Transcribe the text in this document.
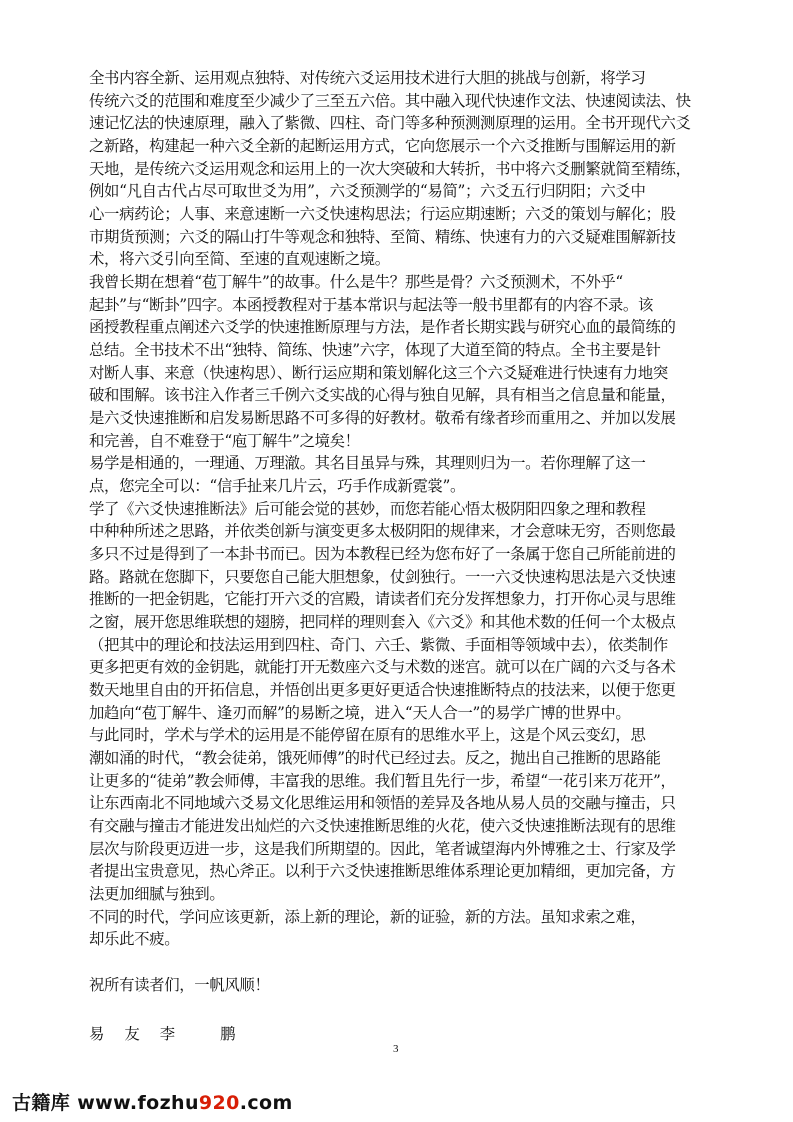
全书内容全新、运用观点独特、对传统六爻运用技术进行大胆的挑战与创新，将学习
传统六爻的范围和难度至少减少了三至五六倍。其中融入现代快速作文法、快速阅读法、快
速记忆法的快速原理，融入了紫微、四柱、奇门等多种预测测原理的运用。全书开现代六爻
之新路，构建起一种六爻全新的起断运用方式，它向您展示一个六爻推断与围解运用的新
天地，是传统六爻运用观念和运用上的一次大突破和大转折，书中将六爻删繁就简至精练，
例如“凡自古代占尽可取世爻为用”，六爻预测学的“易简”；六爻五行归阴阳；六爻中
心一病药论；人事、来意速断一六爻快速构思法；行运应期速断；六爻的策划与解化；股
市期货预测；六爻的隔山打牛等观念和独特、至简、精练、快速有力的六爻疑难围解新技
术，将六爻引向至简、至速的直观速断之境。
我曾长期在想着“苞丁解牛”的故事。什么是牛？那些是骨？六爻预测术，不外乎“
起卦”与“断卦”四字。本函授教程对于基本常识与起法等一般书里都有的内容不录。该
函授教程重点阐述六爻学的快速推断原理与方法，是作者长期实践与研究心血的最简练的
总结。全书技术不出“独特、简练、快速”六字，体现了大道至简的特点。全书主要是针
对断人事、来意（快速构思）、断行运应期和策划解化这三个六爻疑难进行快速有力地突
破和围解。该书注入作者三千例六爻实战的心得与独自见解，具有相当之信息量和能量，
是六爻快速推断和启发易断思路不可多得的好教材。敬希有缘者珍而重用之、并加以发展
和完善，自不难登于“庖丁解牛”之境矣！
易学是相通的，一理通、万理澈。其名目虽异与殊，其理则归为一。若你理解了这一
点，您完全可以：“信手扯来几片云，巧手作成新霓裳”。
学了《六爻快速推断法》后可能会觉的甚妙，而您若能心悟太极阴阳四象之理和教程
中种种所述之思路，并依类创新与演变更多太极阴阳的规律来，才会意味无穷，否则您最
多只不过是得到了一本卦书而已。因为本教程已经为您布好了一条属于您自己所能前进的
路。路就在您脚下，只要您自己能大胆想象，仗剑独行。一一六爻快速构思法是六爻快速
推断的一把金钥匙，它能打开六爻的宫殿，请读者们充分发挥想象力，打开你心灵与思维
之窗，展开您思维联想的翅膀，把同样的理则套入《六爻》和其他术数的任何一个太极点
（把其中的理论和技法运用到四柱、奇门、六壬、紫微、手面相等领域中去），依类制作
更多把更有效的金钥匙，就能打开无数座六爻与术数的迷宫。就可以在广阔的六爻与各术
数天地里自由的开拓信息，并悟创出更多更好更适合快速推断特点的技法来，以便于您更
加趋向“苞丁解牛、逢刃而解”的易断之境，进入“天人合一”的易学广博的世界中。
与此同时，学术与学术的运用是不能停留在原有的思维水平上，这是个风云变幻，思
潮如涌的时代，“教会徒弟，饿死师傅”的时代已经过去。反之，抛出自己推断的思路能
让更多的“徒弟”教会师傅，丰富我的思维。我们暂且先行一步，希望“一花引来万花开”，
让东西南北不同地域六爻易文化思维运用和领悟的差异及各地从易人员的交融与撞击，只
有交融与撞击才能进发出灿烂的六爻快速推断思维的火花，使六爻快速推断法现有的思维
层次与阶段更迈进一步，这是我们所期望的。因此，笔者诚望海内外博雅之士、行家及学
者提出宝贵意见，热心斧正。以利于六爻快速推断思维体系理论更加精细，更加完备，方
法更加细腻与独到。
不同的时代，学问应该更新，添上新的理论，新的证验，新的方法。虽知求索之难，
却乐此不疲。
祝所有读者们，一帆风顺！
易友李 鹏
3
古籍库 www.fozhu920.com
